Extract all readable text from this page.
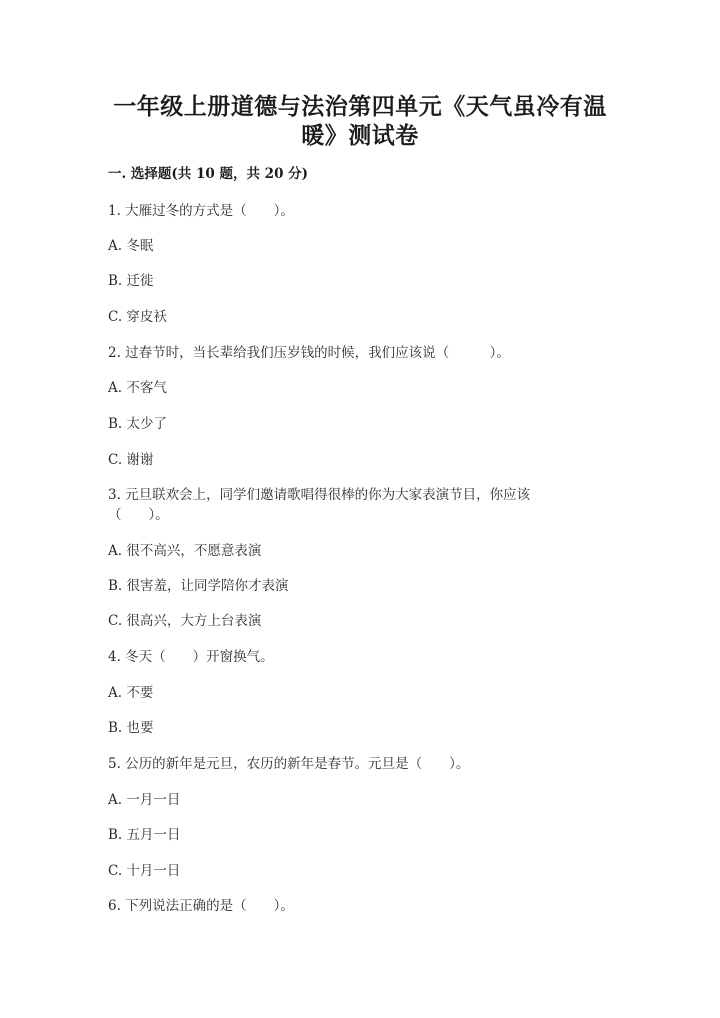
一年级上册道德与法治第四单元《天气虽冷有温
暖》测试卷
一. 选择题(共 10 题，共 20 分)
1. 大雁过冬的方式是（　　）。
A. 冬眠
B. 迁徙
C. 穿皮袄
2. 过春节时，当长辈给我们压岁钱的时候，我们应该说（　　　）。
A. 不客气
B. 太少了
C. 谢谢
3. 元旦联欢会上，同学们邀请歌唱得很棒的你为大家表演节目，你应该
（　　）。
A. 很不高兴，不愿意表演
B. 很害羞，让同学陪你才表演
C. 很高兴，大方上台表演
4. 冬天（　　）开窗换气。
A. 不要
B. 也要
5. 公历的新年是元旦，农历的新年是春节。元旦是（　　）。
A. 一月一日
B. 五月一日
C. 十月一日
6. 下列说法正确的是（　　）。
